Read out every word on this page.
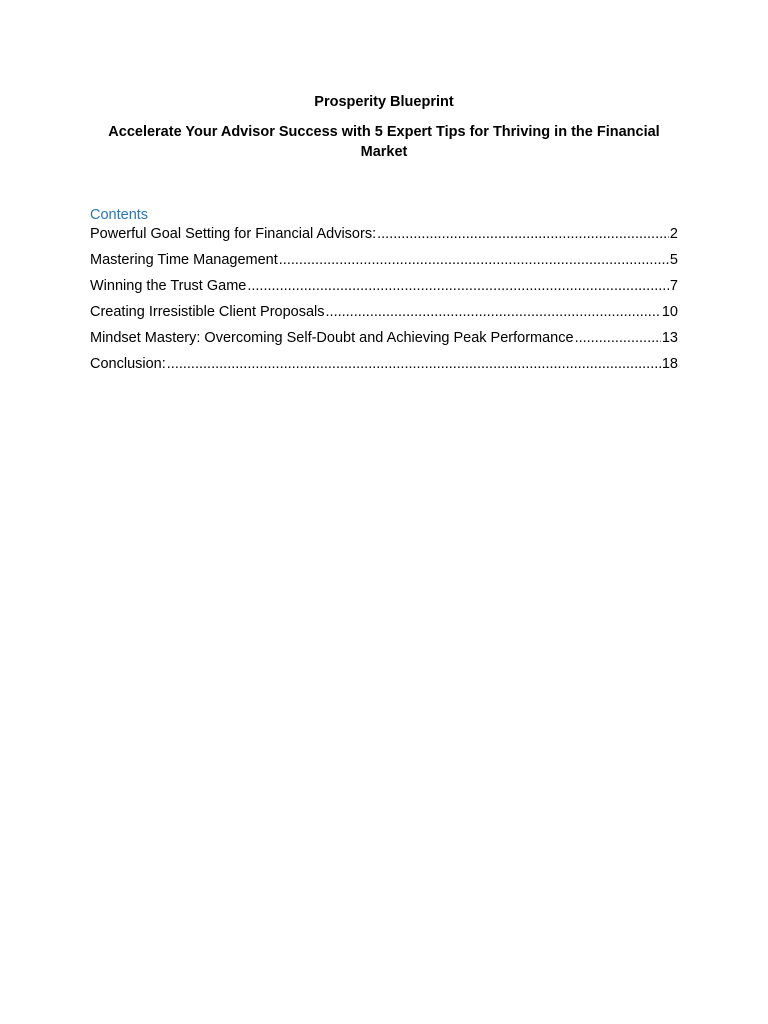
Prosperity Blueprint
Accelerate Your Advisor Success with 5 Expert Tips for Thriving in the Financial Market
Contents
Powerful Goal Setting for Financial Advisors: .....	2
Mastering Time Management .....	5
Winning the Trust Game .....	7
Creating Irresistible Client Proposals .....	10
Mindset Mastery: Overcoming Self-Doubt and Achieving Peak Performance .....	13
Conclusion: .....	18
